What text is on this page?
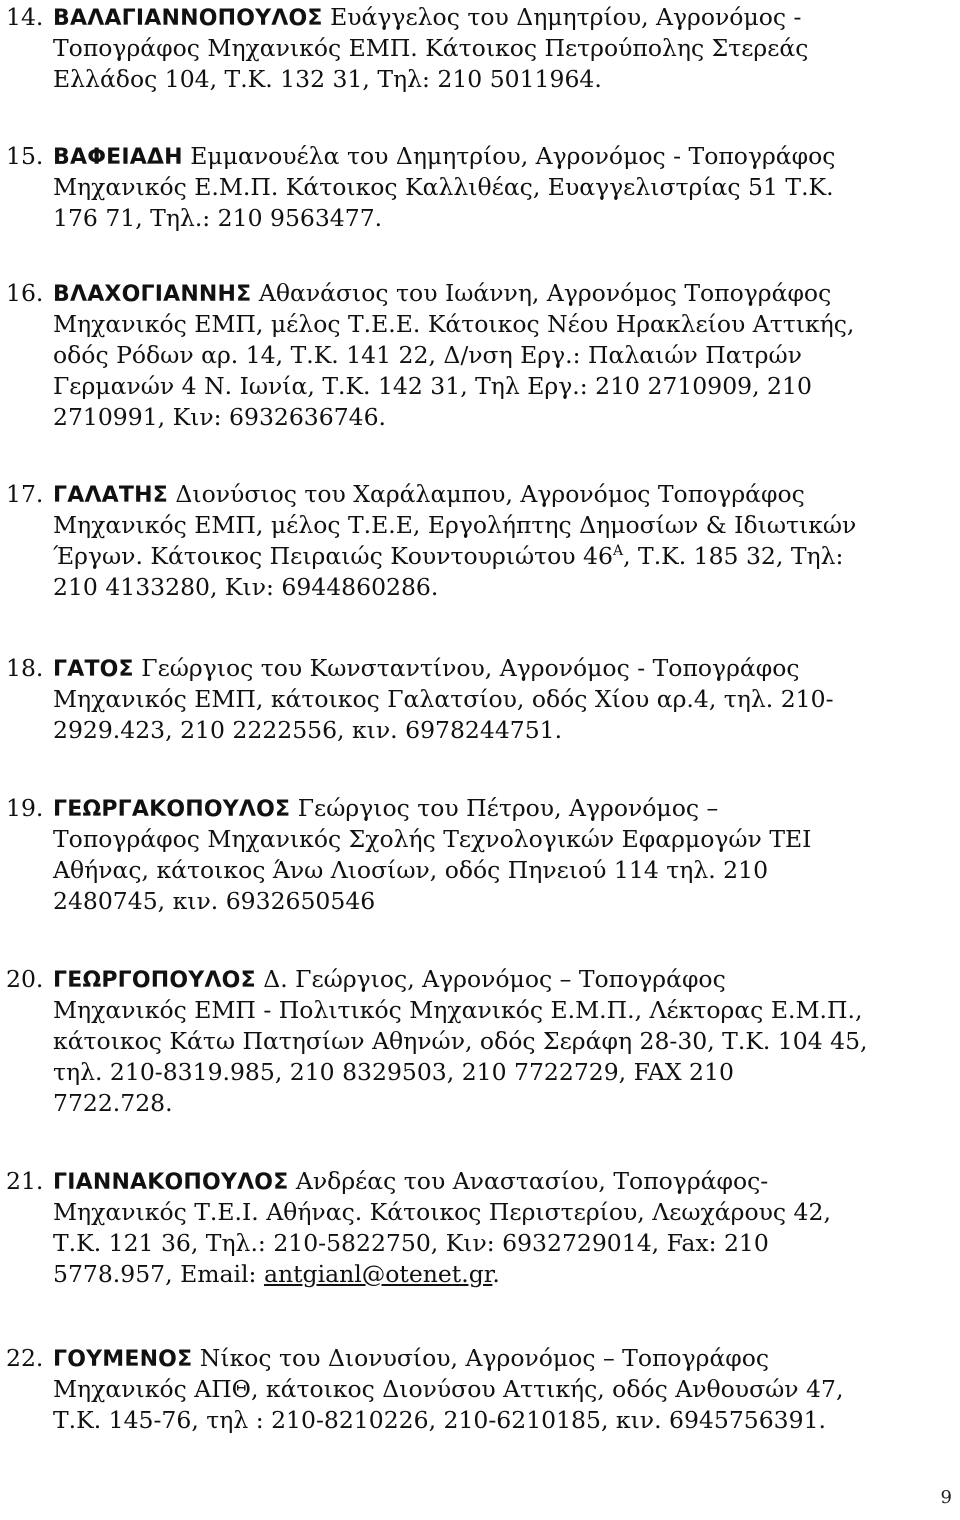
14. ΒΑΛΑΓΙΑΝΝΟΠΟΥΛΟΣ Ευάγγελος του Δημητρίου, Αγρονόμος -
Τοπογράφος Μηχανικός ΕΜΠ. Κάτοικος Πετρούπολης Στερεάς
Ελλάδος 104, Τ.Κ. 132 31, Τηλ: 210 5011964.
15. ΒΑΦΕΙΑΔΗ Εμμανουέλα του Δημητρίου, Αγρονόμος - Τοπογράφος
Μηχανικός Ε.Μ.Π. Κάτοικος Καλλιθέας, Ευαγγελιστρίας 51 Τ.Κ.
176 71, Τηλ.: 210 9563477.
16. ΒΛΑΧΟΓΙΑΝΝΗΣ Αθανάσιος του Ιωάννη, Αγρονόμος Τοπογράφος
Μηχανικός ΕΜΠ, μέλος Τ.Ε.Ε. Κάτοικος Νέου Ηρακλείου Αττικής,
οδός Ρόδων αρ. 14, Τ.Κ. 141 22, Δ/νση Εργ.: Παλαιών Πατρών
Γερμανών 4 Ν. Ιωνία, Τ.Κ. 142 31, Τηλ Εργ.: 210 2710909, 210
2710991, Κιν: 6932636746.
17. ΓΑΛΑΤΗΣ Διονύσιος του Χαράλαμπου, Αγρονόμος Τοπογράφος
Μηχανικός ΕΜΠ, μέλος Τ.Ε.Ε, Εργολήπτης Δημοσίων & Ιδιωτικών
Έργων. Κάτοικος Πειραιώς Κουντουριώτου $46^A$, Τ.Κ. 185 32, Τηλ:
210 4133280, Κιν: 6944860286.
18. ΓΑΤΟΣ Γεώργιος του Κωνσταντίνου, Αγρονόμος - Τοπογράφος
Μηχανικός ΕΜΠ, κάτοικος Γαλατσίου, οδός Χίου αρ.4, τηλ. 210-
2929.423, 210 2222556, κιν. 6978244751.
19. ΓΕΩΡΓΑΚΟΠΟΥΛΟΣ Γεώργιος του Πέτρου, Αγρονόμος –
Τοπογράφος Μηχανικός Σχολής Τεχνολογικών Εφαρμογών ΤΕΙ
Αθήνας, κάτοικος Άνω Λιοσίων, οδός Πηνειού 114 τηλ. 210
2480745, κιν. 6932650546
20. ΓΕΩΡΓΟΠΟΥΛΟΣ Δ. Γεώργιος, Αγρονόμος – Τοπογράφος
Μηχανικός ΕΜΠ - Πολιτικός Μηχανικός Ε.Μ.Π., Λέκτορας Ε.Μ.Π.,
κάτοικος Κάτω Πατησίων Αθηνών, οδός Σεράφη 28-30, Τ.Κ. 104 45,
τηλ. 210-8319.985, 210 8329503, 210 7722729, FAX 210
7722.728.
21. ΓΙΑΝΝΑΚΟΠΟΥΛΟΣ Ανδρέας του Αναστασίου, Τοπογράφος-
Μηχανικός Τ.Ε.Ι. Αθήνας. Κάτοικος Περιστερίου, Λεωχάρους 42,
Τ.Κ. 121 36, Τηλ.: 210-5822750, Κιν: 6932729014, Fax: 210
5778.957, Email: antgianl@otenet.gr.
22. ΓΟΥΜΕΝΟΣ Νίκος του Διονυσίου, Αγρονόμος – Τοπογράφος
Μηχανικός ΑΠΘ, κάτοικος Διονύσου Αττικής, οδός Ανθουσών 47,
Τ.Κ. 145-76, τηλ : 210-8210226, 210-6210185, κιν. 6945756391.
9
